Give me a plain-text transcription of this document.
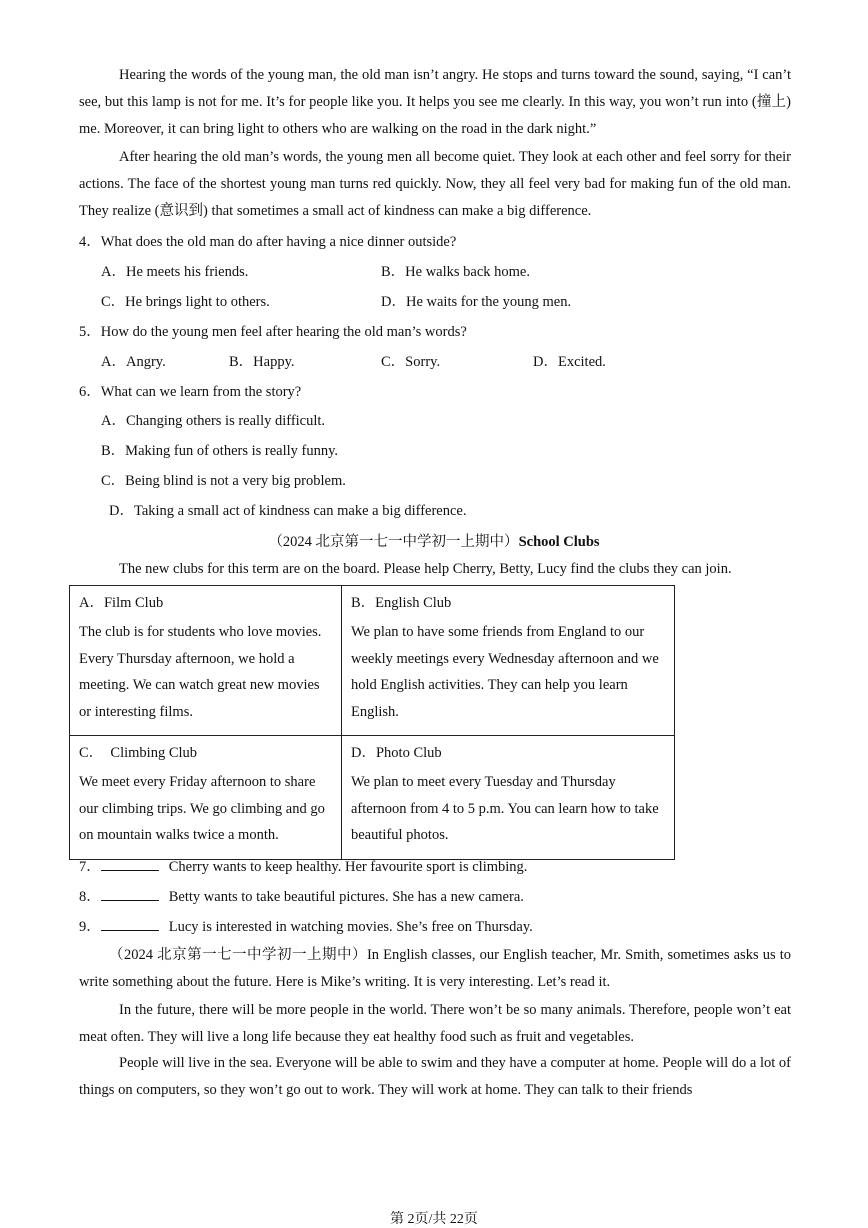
Hearing the words of the young man, the old man isn’t angry. He stops and turns toward the sound, saying, “I can’t see, but this lamp is not for me. It’s for people like you. It helps you see me clearly. In this way, you won’t run into (撞上) me. Moreover, it can bring light to others who are walking on the road in the dark night.”

After hearing the old man’s words, the young men all become quiet. They look at each other and feel sorry for their actions. The face of the shortest young man turns red quickly. Now, they all feel very bad for making fun of the old man. They realize (意识到) that sometimes a small act of kindness can make a big difference.

4．What does the old man do after having a nice dinner outside?
A．He meets his friends.	B．He walks back home.
C．He brings light to others.	D．He waits for the young men.
5．How do the young men feel after hearing the old man’s words?
A．Angry.	B．Happy.	C．Sorry.	D．Excited.
6．What can we learn from the story?
A．Changing others is really difficult.
B．Making fun of others is really funny.
C．Being blind is not a very big problem.
D．Taking a small act of kindness can make a big difference.
（2024 北京第一七一中学初一上期中）School Clubs
The new clubs for this term are on the board. Please help Cherry, Betty, Lucy find the clubs they can join.
A．Film Club
The club is for students who love movies. Every Thursday afternoon, we hold a meeting. We can watch great new movies or interesting films.	B．English Club
We plan to have some friends from England to our weekly meetings every Wednesday afternoon and we hold English activities. They can help you learn English.

C．　Climbing Club
We meet every Friday afternoon to share our climbing trips. We go climbing and go on mountain walks twice a month.	D．Photo Club
We plan to meet every Tuesday and Thursday afternoon from 4 to 5 p.m. You can learn how to take beautiful photos.
7．	Cherry wants to keep healthy. Her favourite sport is climbing.
8．	Betty wants to take beautiful pictures. She has a new camera.
9．	Lucy is interested in watching movies. She’s free on Thursday.

（2024 北京第一七一中学初一上期中）In English classes, our English teacher, Mr. Smith, sometimes asks us to write something about the future. Here is Mike’s writing. It is very interesting. Let’s read it.

In the future, there will be more people in the world. There won’t be so many animals. Therefore, people won’t eat meat often. They will live a long life because they eat healthy food such as fruit and vegetables.

People will live in the sea. Everyone will be able to swim and they have a computer at home. People will do a lot of things on computers, so they won’t go out to work. They will work at home. They can talk to their friends

第 2页/共 22页
